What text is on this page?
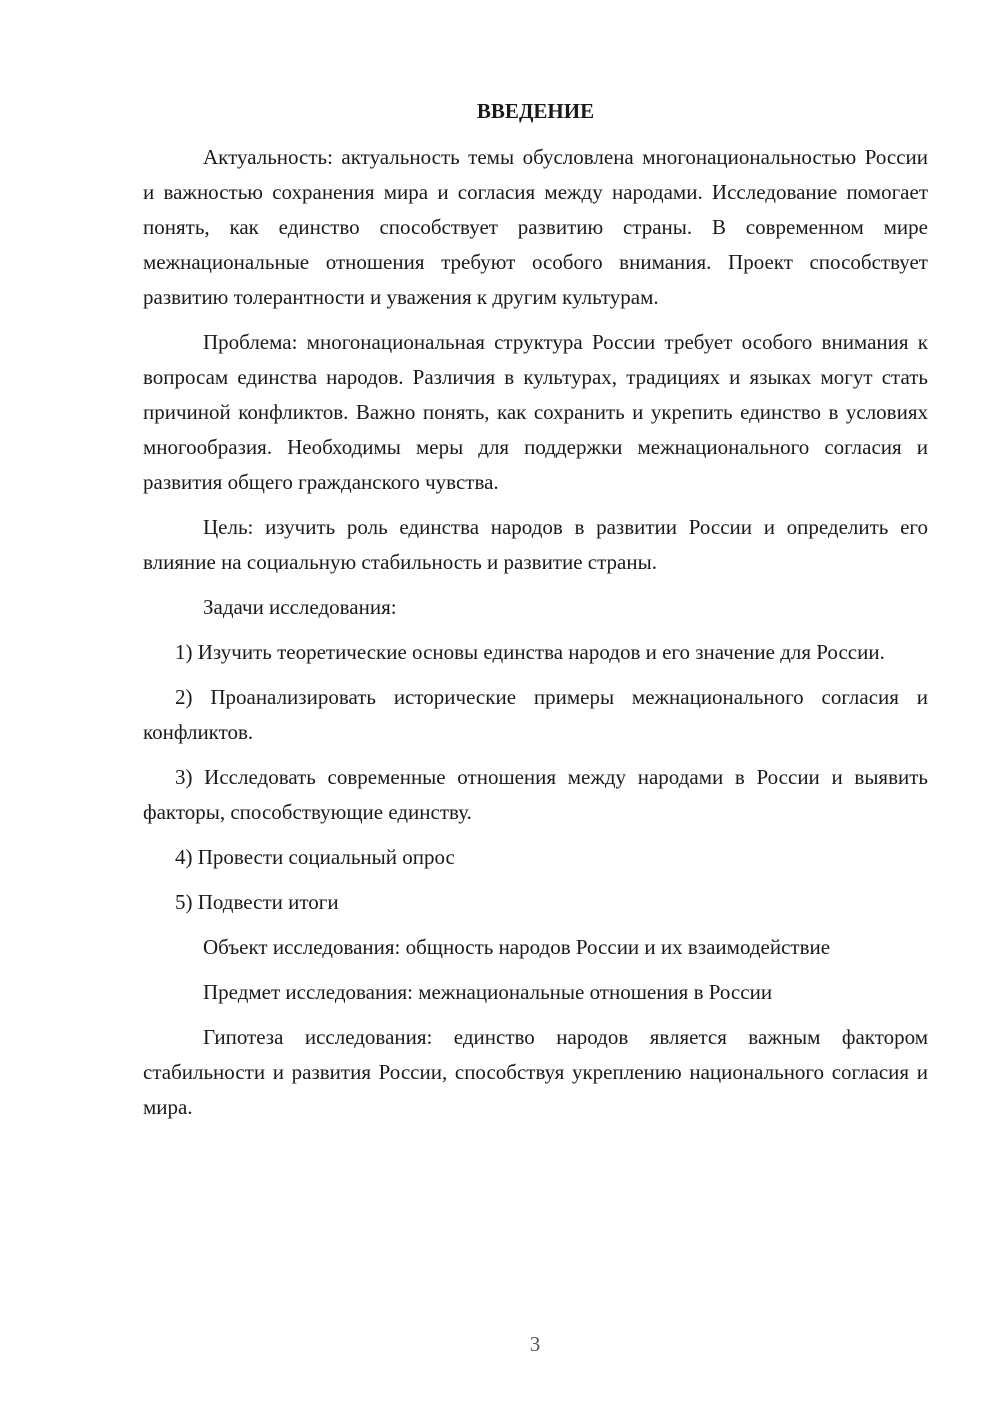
ВВЕДЕНИЕ

Актуальность: актуальность темы обусловлена многонациональностью России и важностью сохранения мира и согласия между народами. Исследование помогает понять, как единство способствует развитию страны. В современном мире межнациональные отношения требуют особого внимания. Проект способствует развитию толерантности и уважения к другим культурам.

Проблема: многонациональная структура России требует особого внимания к вопросам единства народов. Различия в культурах, традициях и языках могут стать причиной конфликтов. Важно понять, как сохранить и укрепить единство в условиях многообразия. Необходимы меры для поддержки межнационального согласия и развития общего гражданского чувства.

Цель: изучить роль единства народов в развитии России и определить его влияние на социальную стабильность и развитие страны.

Задачи исследования:

1) Изучить теоретические основы единства народов и его значение для России.

2) Проанализировать исторические примеры межнационального согласия и конфликтов.

3) Исследовать современные отношения между народами в России и выявить факторы, способствующие единству.

4) Провести социальный опрос

5) Подвести итоги

Объект исследования: общность народов России и их взаимодействие

Предмет исследования: межнациональные отношения в России

Гипотеза исследования: единство народов является важным фактором стабильности и развития России, способствуя укреплению национального согласия и мира.

3
